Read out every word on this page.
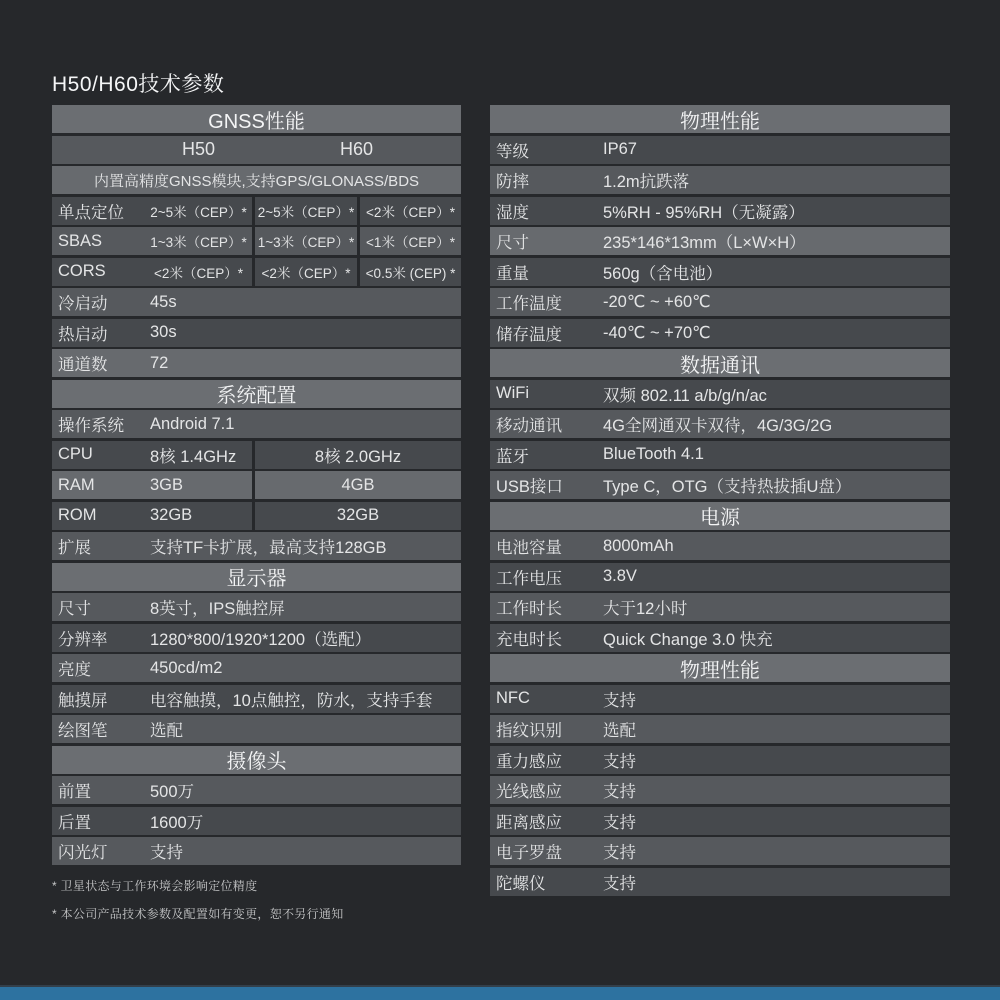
H50/H60技术参数
GNSS性能
H50	H60
内置高精度GNSS模块,支持GPS/GLONASS/BDS
单点定位	2~5米（CEP）* 2~5米（CEP）* <2米（CEP）*
SBAS	1~3米（CEP）* 1~3米（CEP）* <1米（CEP）*
CORS	<2米（CEP）*	<2米（CEP）*	<0.5米 (CEP) *
冷启动	45s
热启动	30s
通道数	72
系统配置
操作系统	Android 7.1
CPU	8核 1.4GHz	8核 2.0GHz
RAM	3GB	4GB
ROM	32GB	32GB
扩展	支持TF卡扩展，最高支持128GB
显示器
尺寸	8英寸，IPS触控屏
分辨率	1280*800/1920*1200（选配）
亮度	450cd/m2
触摸屏	电容触摸，10点触控，防水，支持手套
绘图笔	选配
摄像头
前置	500万
后置	1600万
闪光灯	支持
* 卫星状态与工作环境会影响定位精度
* 本公司产品技术参数及配置如有变更，恕不另行通知
物理性能
等级	IP67
防摔	1.2m抗跌落
湿度	5%RH - 95%RH（无凝露）
尺寸	235*146*13mm（L×W×H）
重量	560g（含电池）
工作温度	-20℃ ~ +60℃
储存温度	-40℃ ~ +70℃
数据通讯
WiFi	双频 802.11 a/b/g/n/ac
移动通讯	4G全网通双卡双待，4G/3G/2G
蓝牙	BlueTooth 4.1
USB接口	Type C，OTG（支持热拔插U盘）
电源
电池容量	8000mAh
工作电压	3.8V
工作时长	大于12小时
充电时长	Quick Change 3.0 快充
物理性能
NFC	支持
指纹识别	选配
重力感应	支持
光线感应	支持
距离感应	支持
电子罗盘	支持
陀螺仪	支持
